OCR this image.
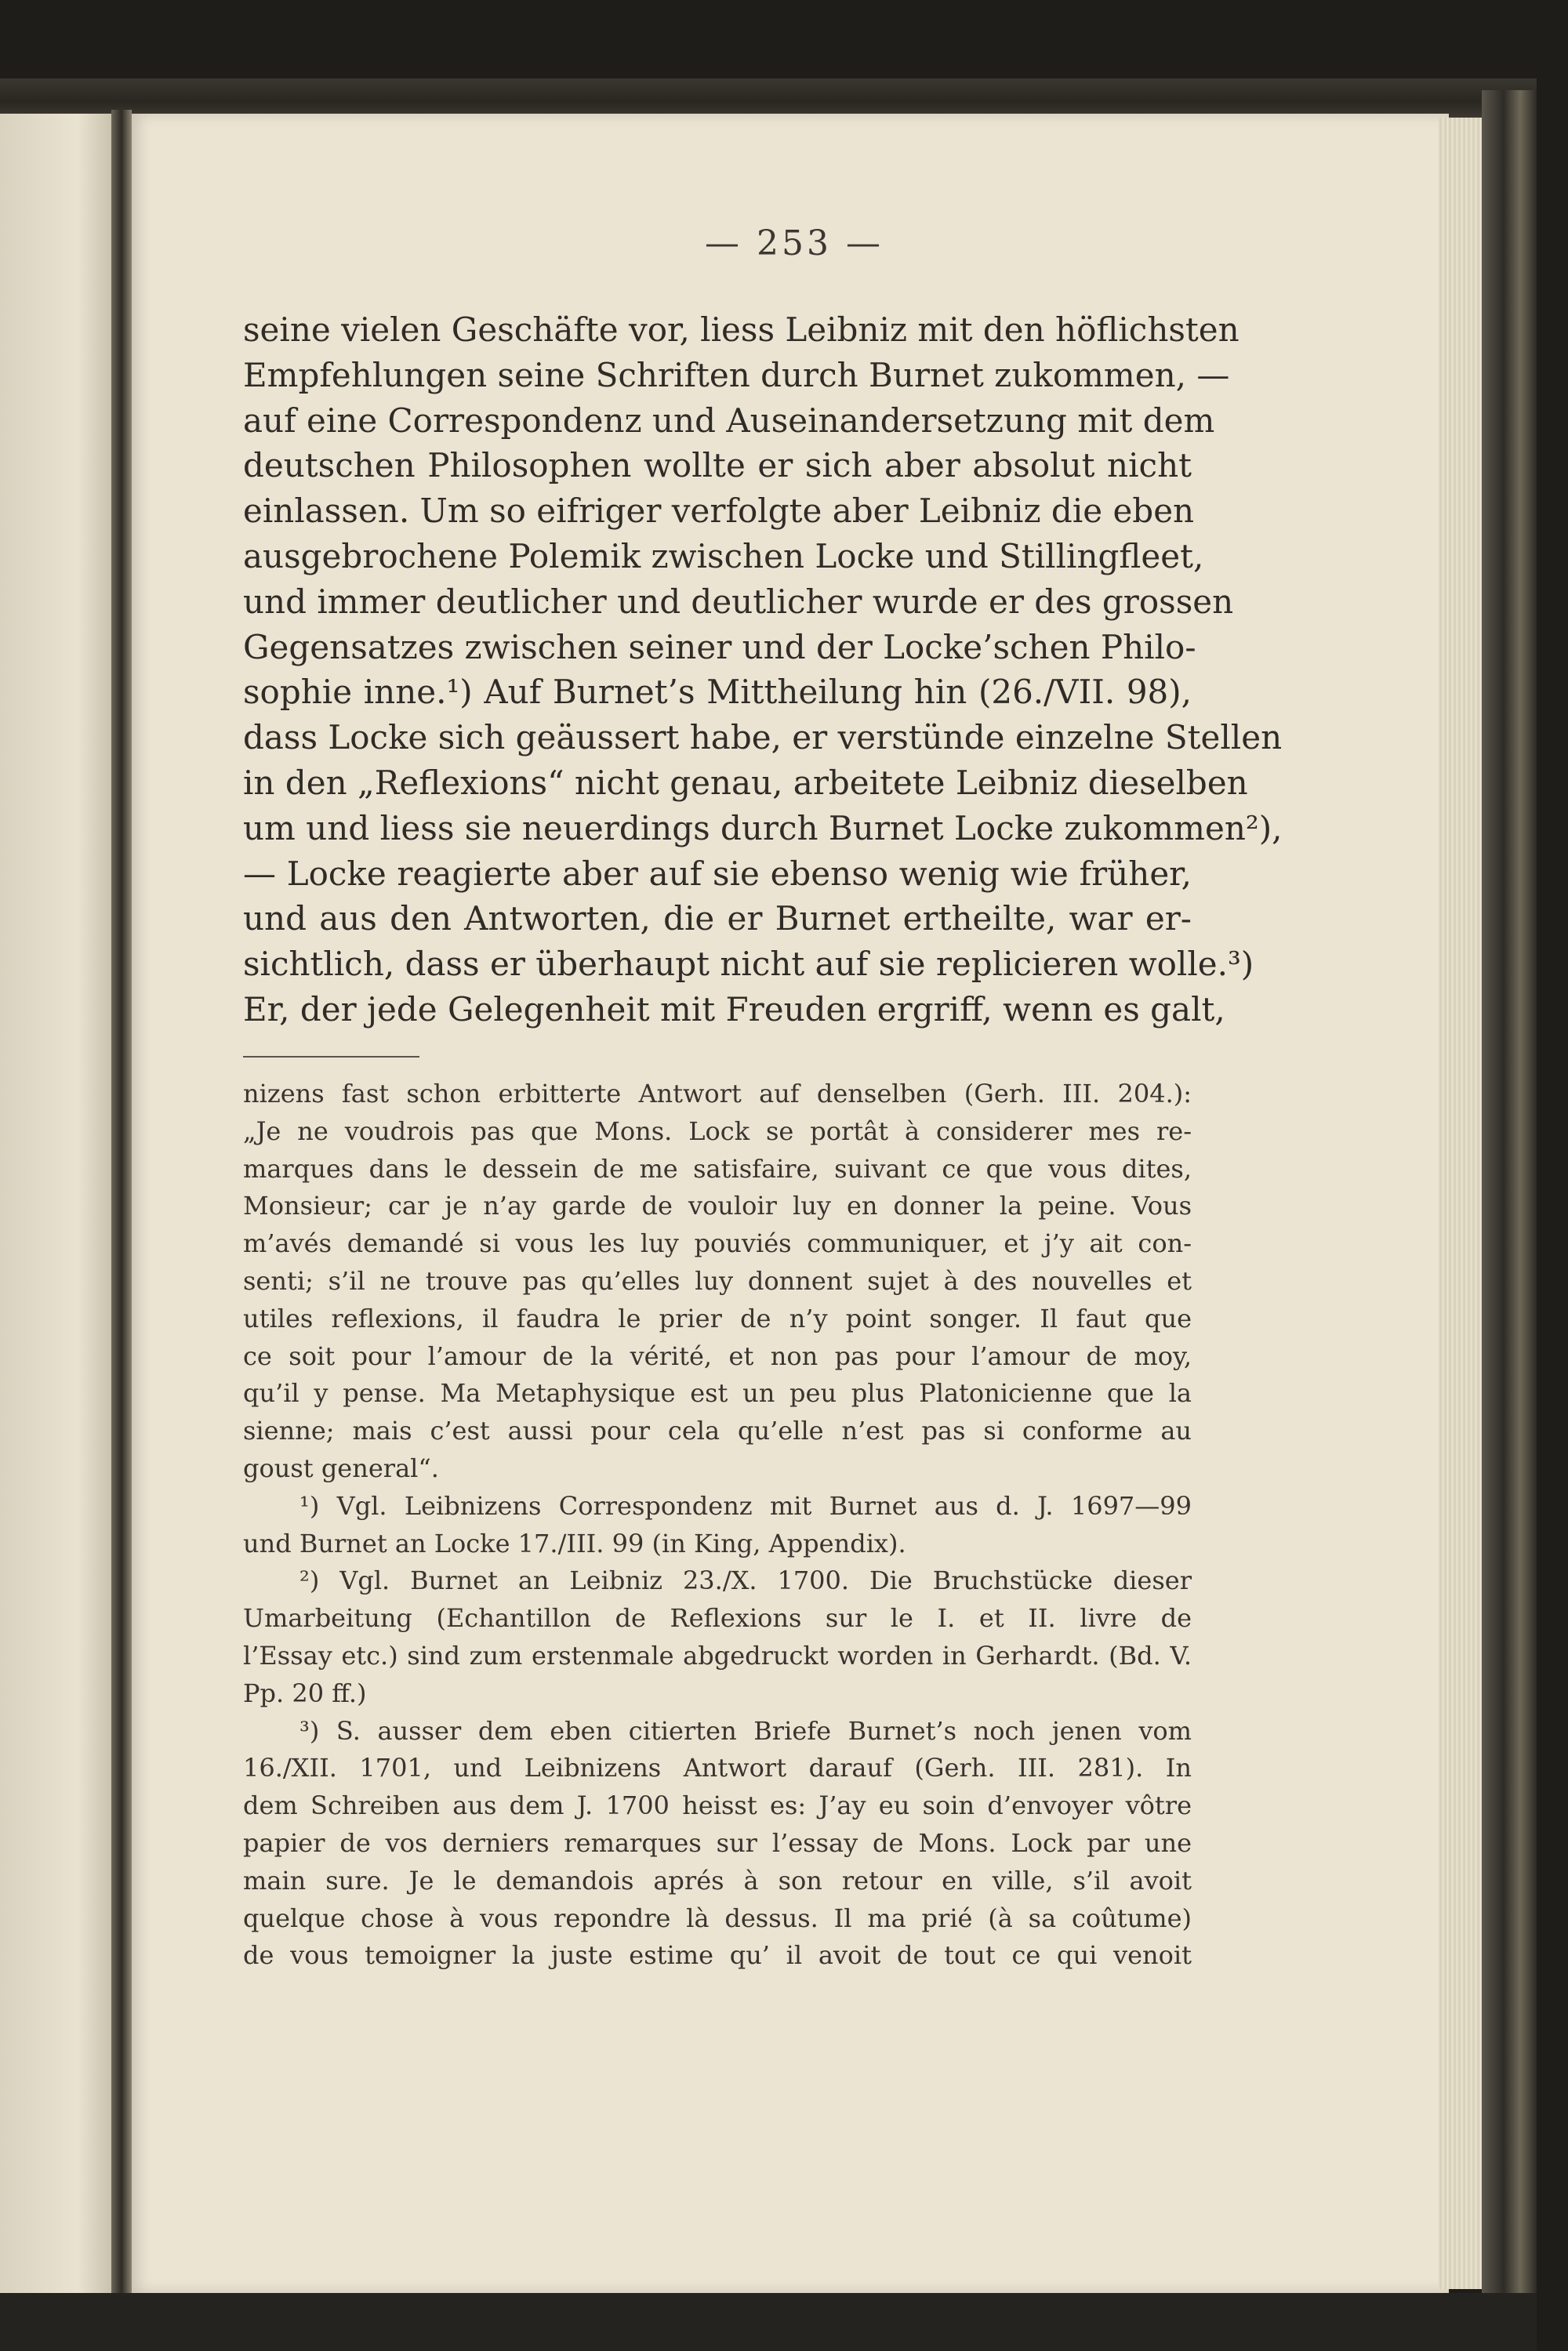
— 253 —
seine vielen Geschäfte vor, liess Leibniz mit den höflichsten
Empfehlungen seine Schriften durch Burnet zukommen, —
auf eine Correspondenz und Auseinandersetzung mit dem
deutschen Philosophen wollte er sich aber absolut nicht
einlassen. Um so eifriger verfolgte aber Leibniz die eben
ausgebrochene Polemik zwischen Locke und Stillingfleet,
und immer deutlicher und deutlicher wurde er des grossen
Gegensatzes zwischen seiner und der Locke’schen Philo-
sophie inne.¹) Auf Burnet’s Mittheilung hin (26./VII. 98),
dass Locke sich geäussert habe, er verstünde einzelne Stellen
in den „Reflexions“ nicht genau, arbeitete Leibniz dieselben
um und liess sie neuerdings durch Burnet Locke zukommen²),
— Locke reagierte aber auf sie ebenso wenig wie früher,
und aus den Antworten, die er Burnet ertheilte, war er-
sichtlich, dass er überhaupt nicht auf sie replicieren wolle.³)
Er, der jede Gelegenheit mit Freuden ergriff, wenn es galt,
nizens fast schon erbitterte Antwort auf denselben (Gerh. III. 204.):
„Je ne voudrois pas que Mons. Lock se portât à considerer mes re-
marques dans le dessein de me satisfaire, suivant ce que vous dites,
Monsieur; car je n’ay garde de vouloir luy en donner la peine. Vous
m’avés demandé si vous les luy pouviés communiquer, et j’y ait con-
senti; s’il ne trouve pas qu’elles luy donnent sujet à des nouvelles et
utiles reflexions, il faudra le prier de n’y point songer. Il faut que
ce soit pour l’amour de la vérité, et non pas pour l’amour de moy,
qu’il y pense. Ma Metaphysique est un peu plus Platonicienne que la
sienne; mais c’est aussi pour cela qu’elle n’est pas si conforme au
goust general“.
¹) Vgl. Leibnizens Correspondenz mit Burnet aus d. J. 1697—99
und Burnet an Locke 17./III. 99 (in King, Appendix).
²) Vgl. Burnet an Leibniz 23./X. 1700. Die Bruchstücke dieser
Umarbeitung (Echantillon de Reflexions sur le I. et II. livre de
l’Essay etc.) sind zum erstenmale abgedruckt worden in Gerhardt. (Bd. V.
Pp. 20 ff.)
³) S. ausser dem eben citierten Briefe Burnet’s noch jenen vom
16./XII. 1701, und Leibnizens Antwort darauf (Gerh. III. 281). In
dem Schreiben aus dem J. 1700 heisst es: J’ay eu soin d’envoyer vôtre
papier de vos derniers remarques sur l’essay de Mons. Lock par une
main sure. Je le demandois aprés à son retour en ville, s’il avoit
quelque chose à vous repondre là dessus. Il ma prié (à sa coûtume)
de vous temoigner la juste estime qu’ il avoit de tout ce qui venoit
